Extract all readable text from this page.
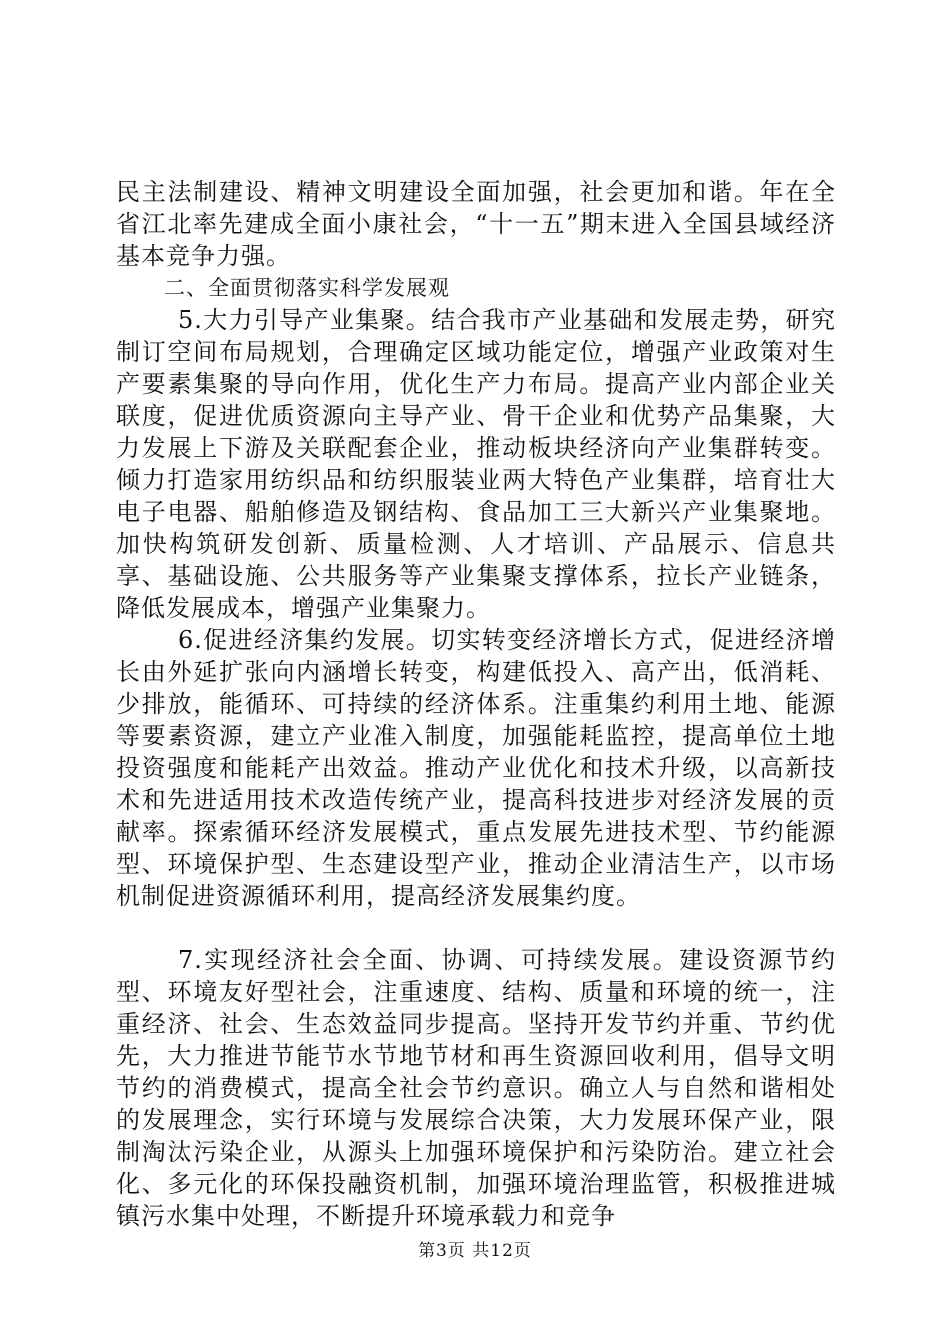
民主法制建设、精神文明建设全面加强，社会更加和谐。年在全省江北率先建成全面小康社会，“十一五”期末进入全国县域经济基本竞争力强。

二、全面贯彻落实科学发展观

5.大力引导产业集聚。结合我市产业基础和发展走势，研究制订空间布局规划，合理确定区域功能定位，增强产业政策对生产要素集聚的导向作用，优化生产力布局。提高产业内部企业关联度，促进优质资源向主导产业、骨干企业和优势产品集聚，大力发展上下游及关联配套企业，推动板块经济向产业集群转变。倾力打造家用纺织品和纺织服装业两大特色产业集群，培育壮大电子电器、船舶修造及钢结构、食品加工三大新兴产业集聚地。加快构筑研发创新、质量检测、人才培训、产品展示、信息共享、基础设施、公共服务等产业集聚支撑体系，拉长产业链条，降低发展成本，增强产业集聚力。

6.促进经济集约发展。切实转变经济增长方式，促进经济增长由外延扩张向内涵增长转变，构建低投入、高产出，低消耗、少排放，能循环、可持续的经济体系。注重集约利用土地、能源等要素资源，建立产业准入制度，加强能耗监控，提高单位土地投资强度和能耗产出效益。推动产业优化和技术升级，以高新技术和先进适用技术改造传统产业，提高科技进步对经济发展的贡献率。探索循环经济发展模式，重点发展先进技术型、节约能源型、环境保护型、生态建设型产业，推动企业清洁生产，以市场机制促进资源循环利用，提高经济发展集约度。

7.实现经济社会全面、协调、可持续发展。建设资源节约型、环境友好型社会，注重速度、结构、质量和环境的统一，注重经济、社会、生态效益同步提高。坚持开发节约并重、节约优先，大力推进节能节水节地节材和再生资源回收利用，倡导文明节约的消费模式，提高全社会节约意识。确立人与自然和谐相处的发展理念，实行环境与发展综合决策，大力发展环保产业，限制淘汰污染企业，从源头上加强环境保护和污染防治。建立社会化、多元化的环保投融资机制，加强环境治理监管，积极推进城镇污水集中处理，不断提升环境承载力和竞争

第3页 共12页
